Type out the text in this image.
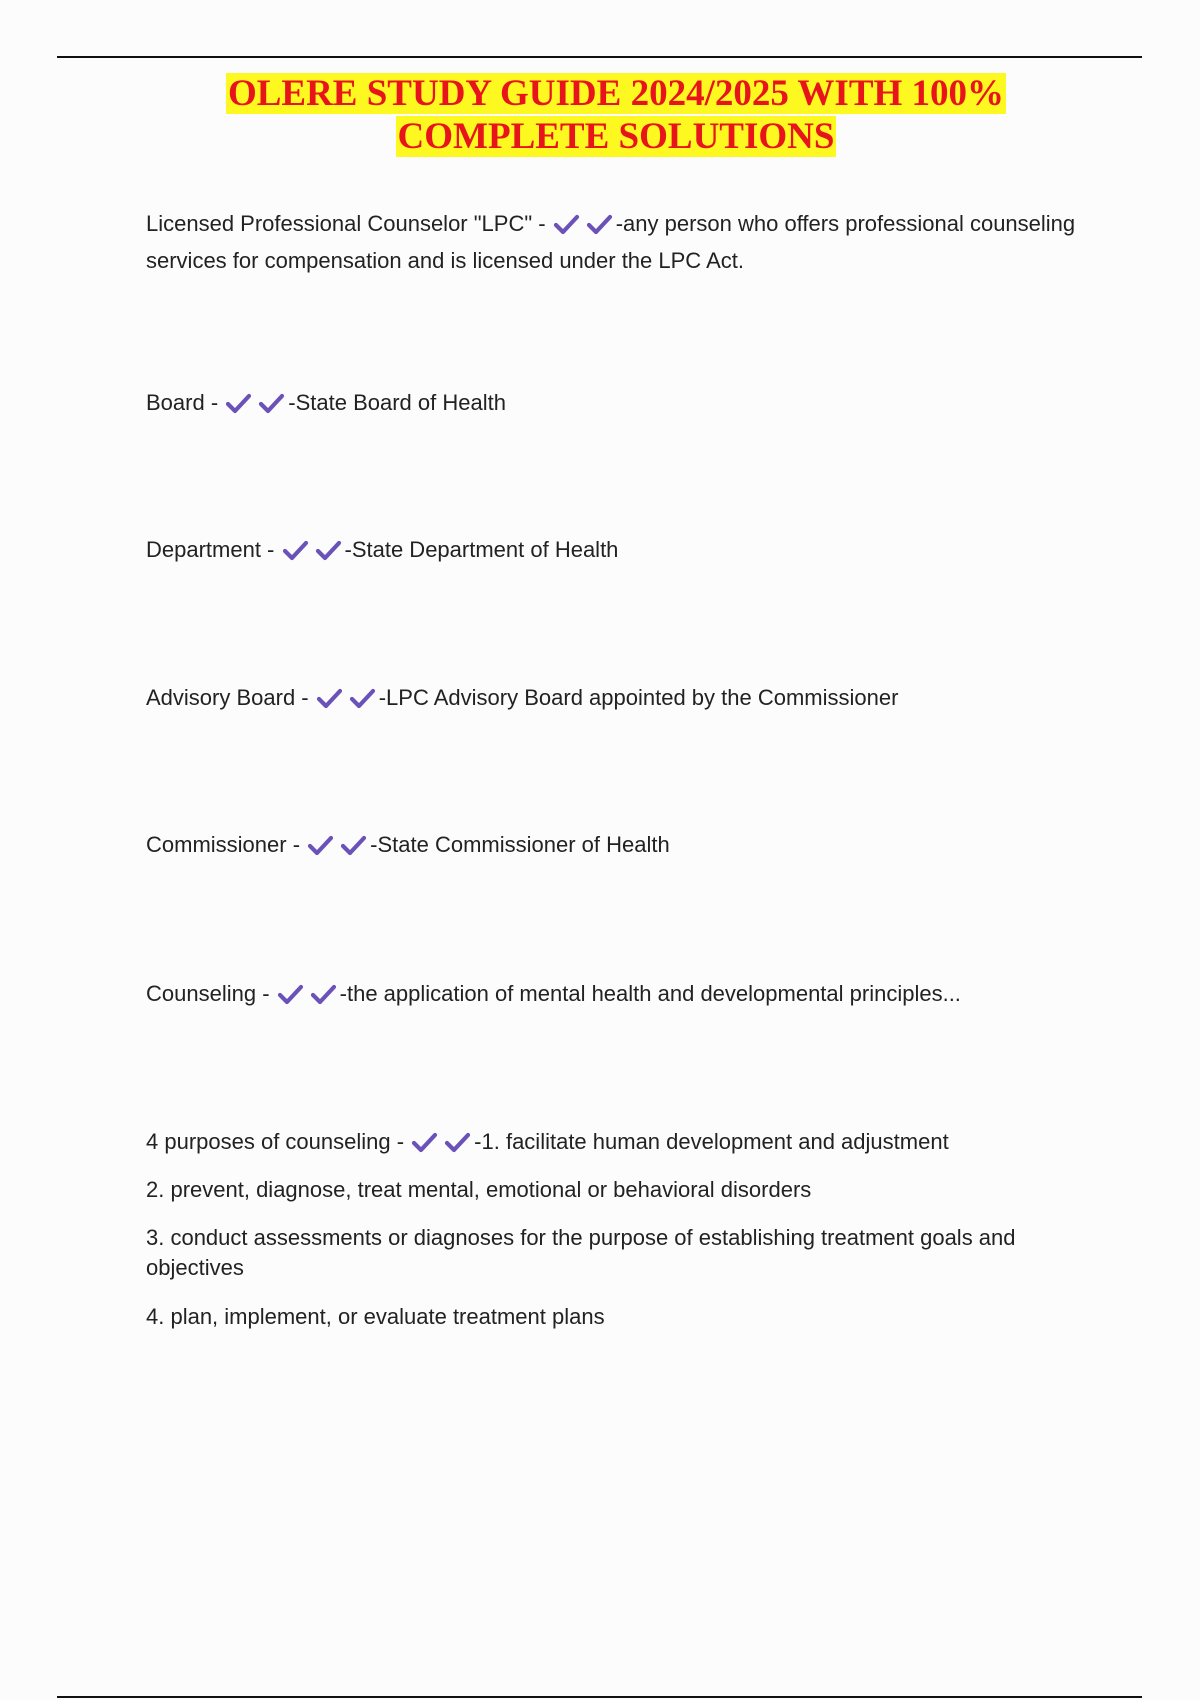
OLERE STUDY GUIDE 2024/2025 WITH 100%
COMPLETE SOLUTIONS
Licensed Professional Counselor "LPC" -	-any person who offers professional counseling services for compensation and is licensed under the LPC Act.
Board -	-State Board of Health
Department -	-State Department of Health
Advisory Board -	-LPC Advisory Board appointed by the Commissioner
Commissioner -	-State Commissioner of Health
Counseling -	-the application of mental health and developmental principles...
4 purposes of counseling -	-1. facilitate human development and adjustment
2. prevent, diagnose, treat mental, emotional or behavioral disorders
3. conduct assessments or diagnoses for the purpose of establishing treatment goals and objectives
4. plan, implement, or evaluate treatment plans
